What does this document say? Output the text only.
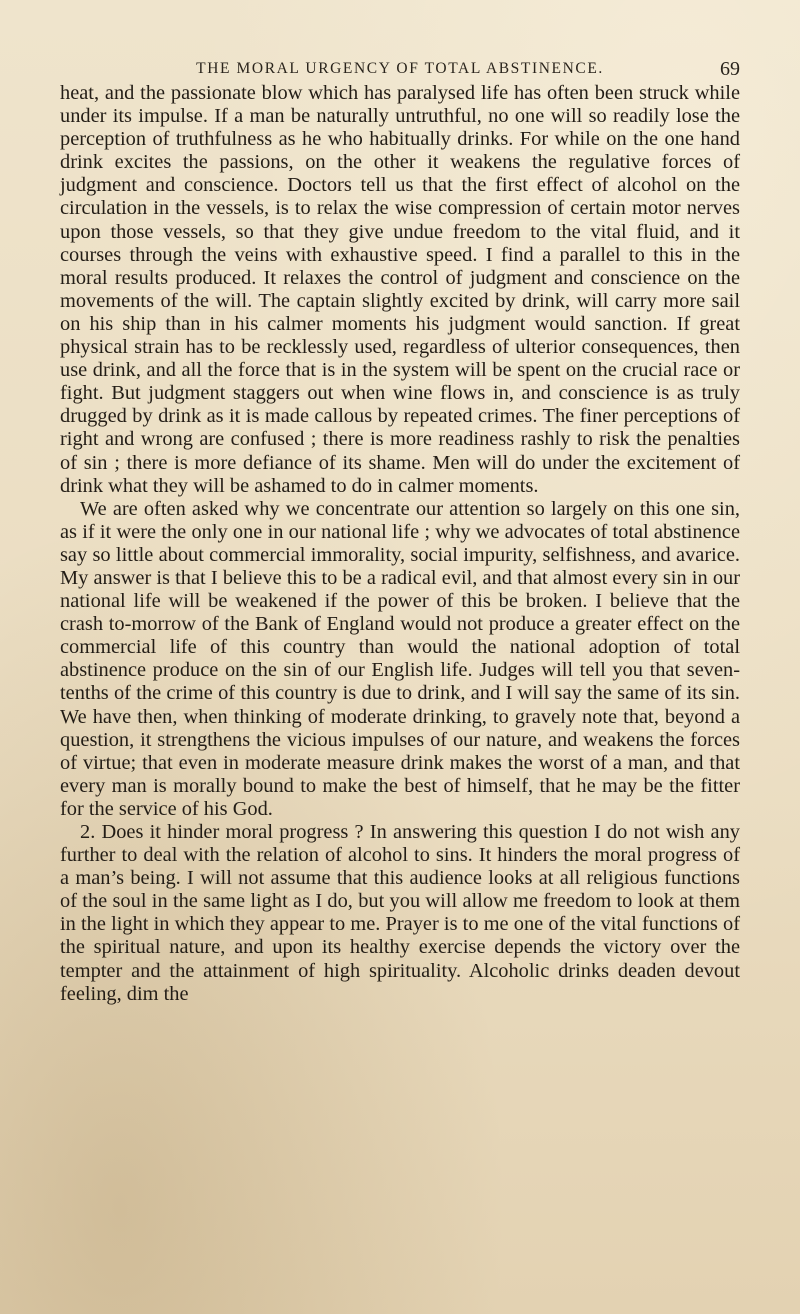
THE MORAL URGENCY OF TOTAL ABSTINENCE.	69

heat, and the passionate blow which has paralysed life has often been struck while under its impulse. If a man be naturally untruthful, no one will so readily lose the perception of truthfulness as he who habitually drinks. For while on the one hand drink excites the passions, on the other it weakens the regulative forces of judgment and conscience. Doctors tell us that the first effect of alcohol on the circulation in the vessels, is to relax the wise compression of certain motor nerves upon those vessels, so that they give undue freedom to the vital fluid, and it courses through the veins with exhaustive speed. I find a parallel to this in the moral results produced. It relaxes the control of judgment and conscience on the movements of the will. The captain slightly excited by drink, will carry more sail on his ship than in his calmer moments his judgment would sanction. If great physical strain has to be recklessly used, regardless of ulterior consequences, then use drink, and all the force that is in the system will be spent on the crucial race or fight. But judgment staggers out when wine flows in, and conscience is as truly drugged by drink as it is made callous by repeated crimes. The finer perceptions of right and wrong are confused ; there is more readiness rashly to risk the penalties of sin ; there is more defiance of its shame. Men will do under the excitement of drink what they will be ashamed to do in calmer moments.

We are often asked why we concentrate our attention so largely on this one sin, as if it were the only one in our national life ; why we advocates of total abstinence say so little about commercial immorality, social impurity, selfishness, and avarice. My answer is that I believe this to be a radical evil, and that almost every sin in our national life will be weakened if the power of this be broken. I believe that the crash to-morrow of the Bank of England would not produce a greater effect on the commercial life of this country than would the national adoption of total abstinence produce on the sin of our English life. Judges will tell you that seven-tenths of the crime of this country is due to drink, and I will say the same of its sin. We have then, when thinking of moderate drinking, to gravely note that, beyond a question, it strengthens the vicious impulses of our nature, and weakens the forces of virtue; that even in moderate measure drink makes the worst of a man, and that every man is morally bound to make the best of himself, that he may be the fitter for the service of his God.

2. Does it hinder moral progress ? In answering this question I do not wish any further to deal with the relation of alcohol to sins. It hinders the moral progress of a man’s being. I will not assume that this audience looks at all religious functions of the soul in the same light as I do, but you will allow me freedom to look at them in the light in which they appear to me. Prayer is to me one of the vital functions of the spiritual nature, and upon its healthy exercise depends the victory over the tempter and the attainment of high spirituality. Alcoholic drinks deaden devout feeling, dim the
